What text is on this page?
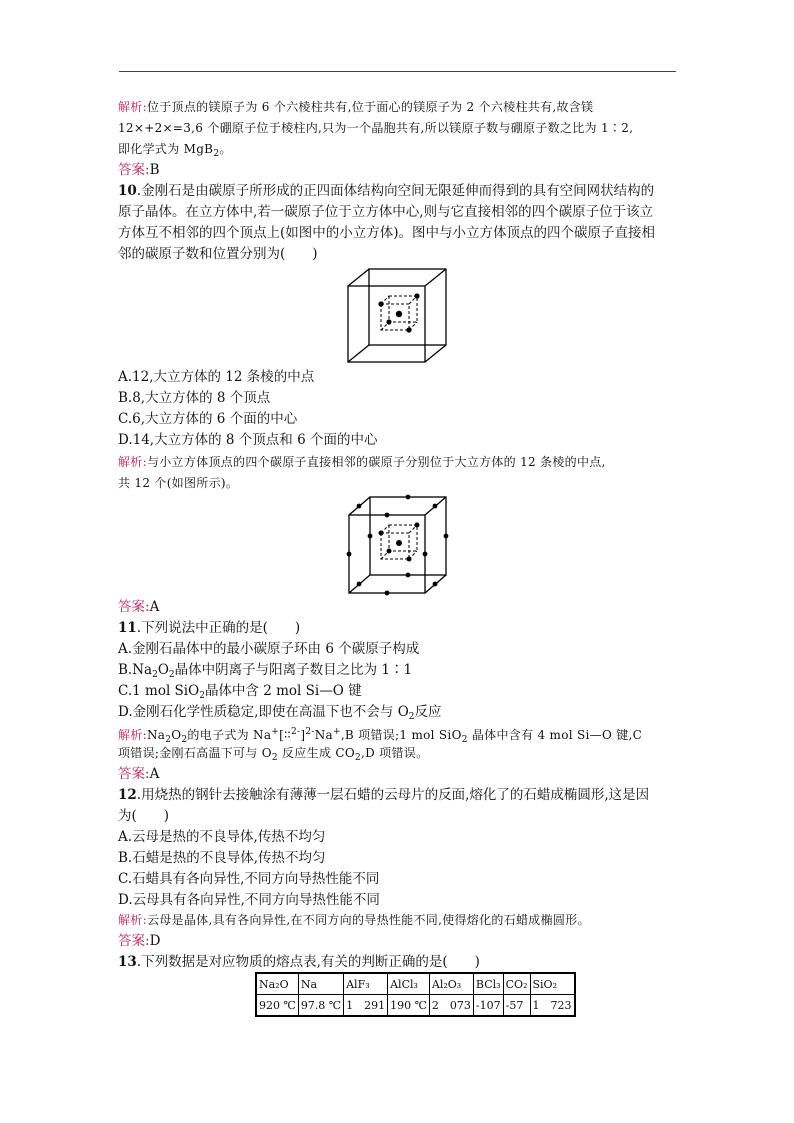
解析:位于顶点的镁原子为 6 个六棱柱共有,位于面心的镁原子为 2 个六棱柱共有,故含镁
12×+2×=3,6 个硼原子位于棱柱内,只为一个晶胞共有,所以镁原子数与硼原子数之比为 1∶2,
即化学式为 MgB$_2$。
答案:B
10.金刚石是由碳原子所形成的正四面体结构向空间无限延伸而得到的具有空间网状结构的
原子晶体。在立方体中,若一碳原子位于立方体中心,则与它直接相邻的四个碳原子位于该立
方体互不相邻的四个顶点上(如图中的小立方体)。图中与小立方体顶点的四个碳原子直接相
邻的碳原子数和位置分别为(　　)
A.12,大立方体的 12 条棱的中点
B.8,大立方体的 8 个顶点
C.6,大立方体的 6 个面的中心
D.14,大立方体的 8 个顶点和 6 个面的中心
解析:与小立方体顶点的四个碳原子直接相邻的碳原子分别位于大立方体的 12 条棱的中点,
共 12 个(如图所示)。
答案:A
11.下列说法中正确的是(　　)
A.金刚石晶体中的最小碳原子环由 6 个碳原子构成
$B.Na_2O_2$晶体中阴离子与阳离子数目之比为 1∶1
C.1 mol SiO$_2$晶体中含 2 mol Si—O 键
D.金刚石化学性质稳定,即使在高温下也不会与 $O_2$反应
解析$:Na_2O_2$的电子式为 Na+[∶∶$^{2-}$]$^{2-}$Na+,B 项错误;1 mol SiO$_2$ 晶体中含有 4 mol Si—O 键,C
项错误;金刚石高温下可与 $O_2$ 反应生成 $CO_2,D$ 项错误。
答案:A
12.用烧热的钢针去接触涂有薄薄一层石蜡的云母片的反面,熔化了的石蜡成椭圆形,这是因
为(　　)
A.云母是热的不良导体,传热不均匀
B.石蜡是热的不良导体,传热不均匀
C.石蜡具有各向异性,不同方向导热性能不同
D.云母具有各向异性,不同方向导热性能不同
解析:云母是晶体,具有各向异性,在不同方向的导热性能不同,使得熔化的石蜡成椭圆形。
答案:D
13.下列数据是对应物质的熔点表,有关的判断正确的是(　　)
Na₂O	Na	AlF₃	AlCl₃	Al₂O₃	BCl₃	CO₂	SiO₂
920 ℃	97.8 ℃	1　291	190 ℃	2　073	-107	-57	1　723
